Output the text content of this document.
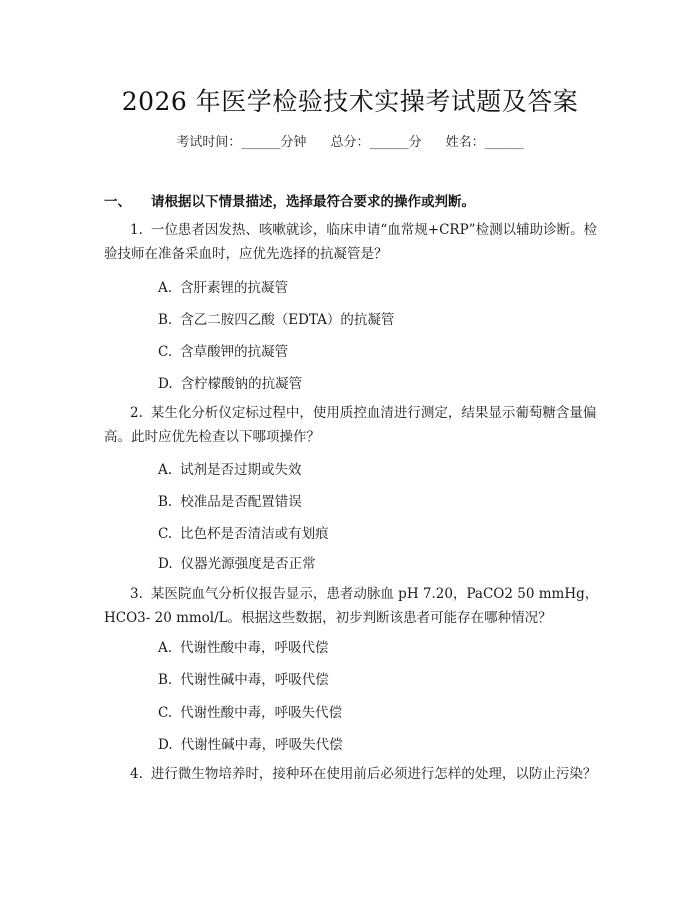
2026 年医学检验技术实操考试题及答案
考试时间：______分钟 总分：______分 姓名：______
一、 请根据以下情景描述，选择最符合要求的操作或判断。
1. 一位患者因发热、咳嗽就诊，临床申请“血常规+CRP”检测以辅助诊断。检验技师在准备采血时，应优先选择的抗凝管是？
A. 含肝素锂的抗凝管
B. 含乙二胺四乙酸（EDTA）的抗凝管
C. 含草酸钾的抗凝管
D. 含柠檬酸钠的抗凝管
2. 某生化分析仪定标过程中，使用质控血清进行测定，结果显示葡萄糖含量偏高。此时应优先检查以下哪项操作？
A. 试剂是否过期或失效
B. 校准品是否配置错误
C. 比色杯是否清洁或有划痕
D. 仪器光源强度是否正常
3. 某医院血气分析仪报告显示，患者动脉血 pH 7.20，PaCO2 50 mmHg，HCO3- 20 mmol/L。根据这些数据，初步判断该患者可能存在哪种情况？
A. 代谢性酸中毒，呼吸代偿
B. 代谢性碱中毒，呼吸代偿
C. 代谢性酸中毒，呼吸失代偿
D. 代谢性碱中毒，呼吸失代偿
4. 进行微生物培养时，接种环在使用前后必须进行怎样的处理，以防止污染？
